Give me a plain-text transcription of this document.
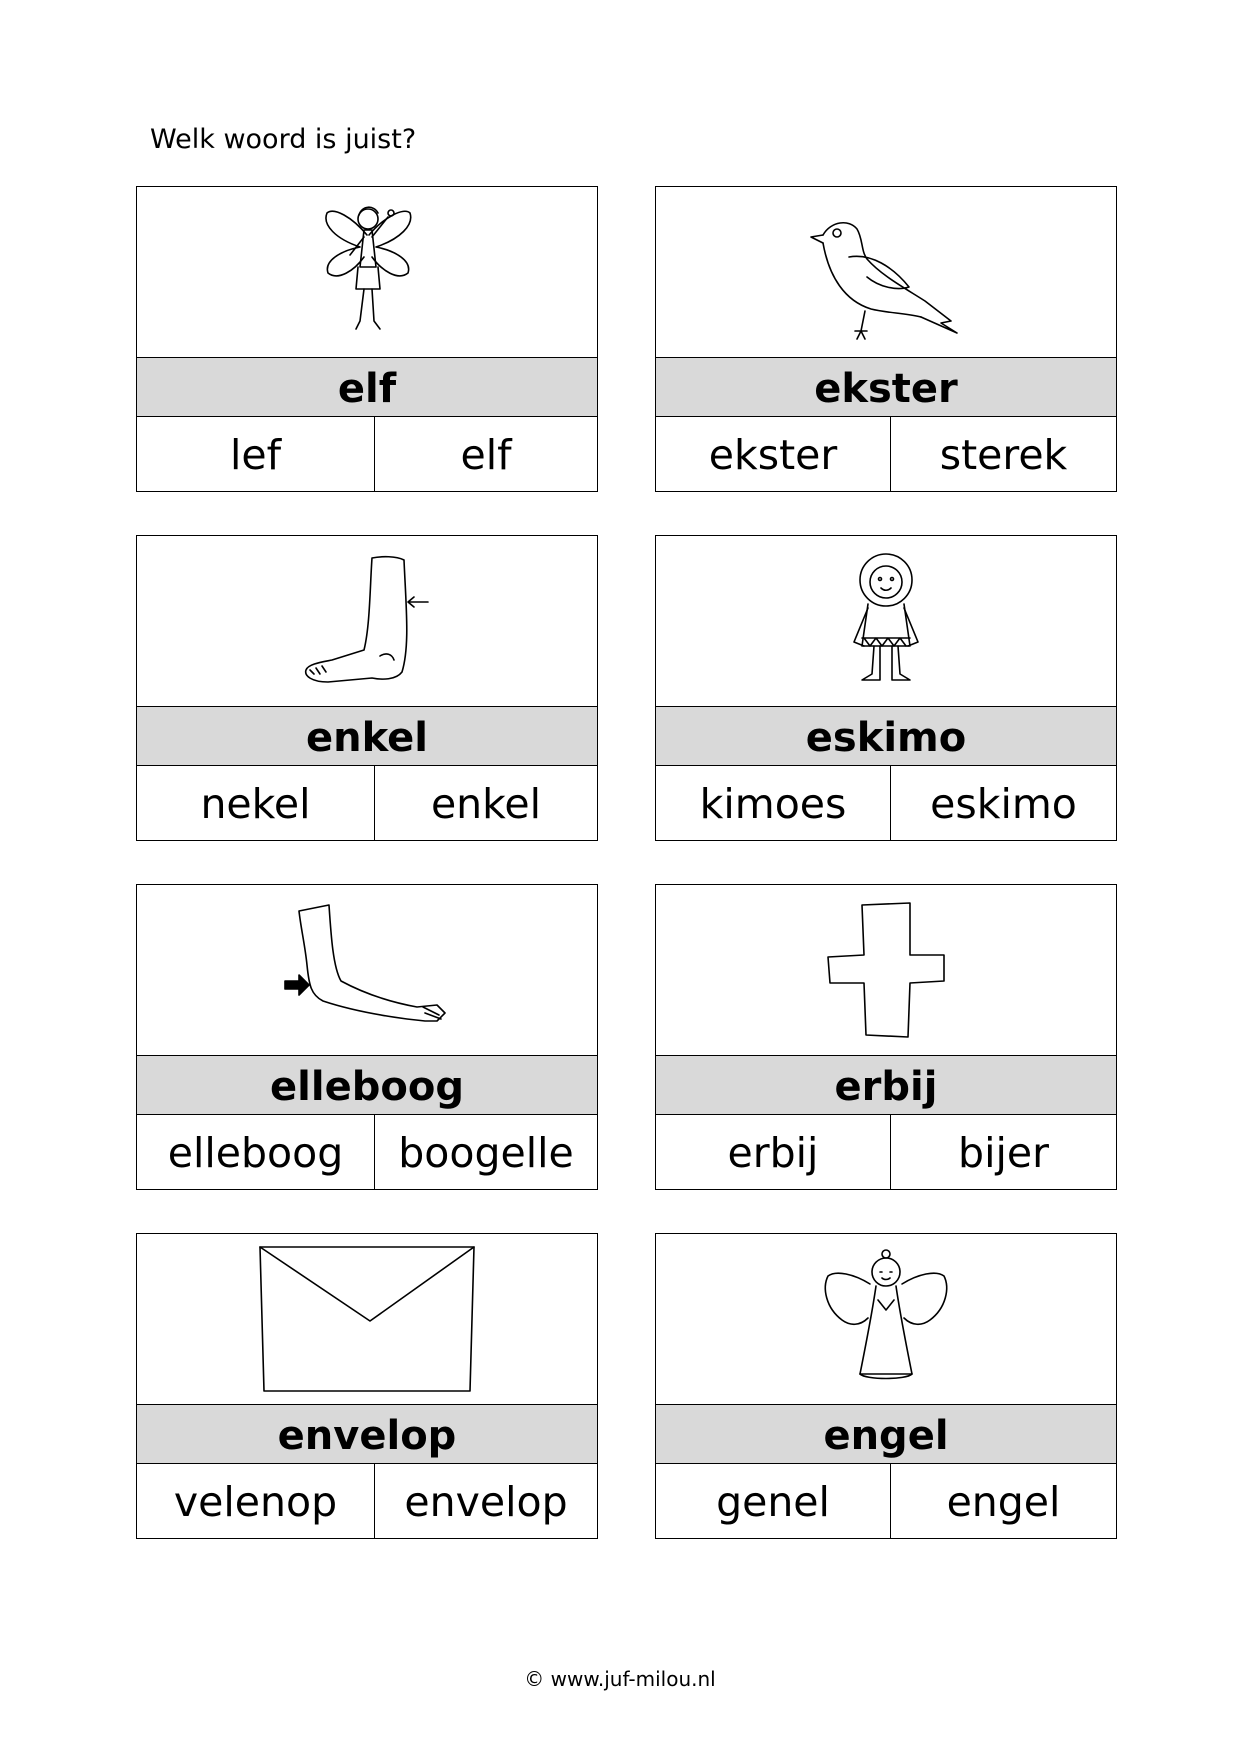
Welk woord is juist?
elf
lef	elf
ekster
ekster	sterek
enkel
nekel	enkel
eskimo
kimoes	eskimo
elleboog
elleboog	boogelle
erbij
erbij	bijer
envelop
velenop	envelop
engel
genel	engel
© www.juf-milou.nl
